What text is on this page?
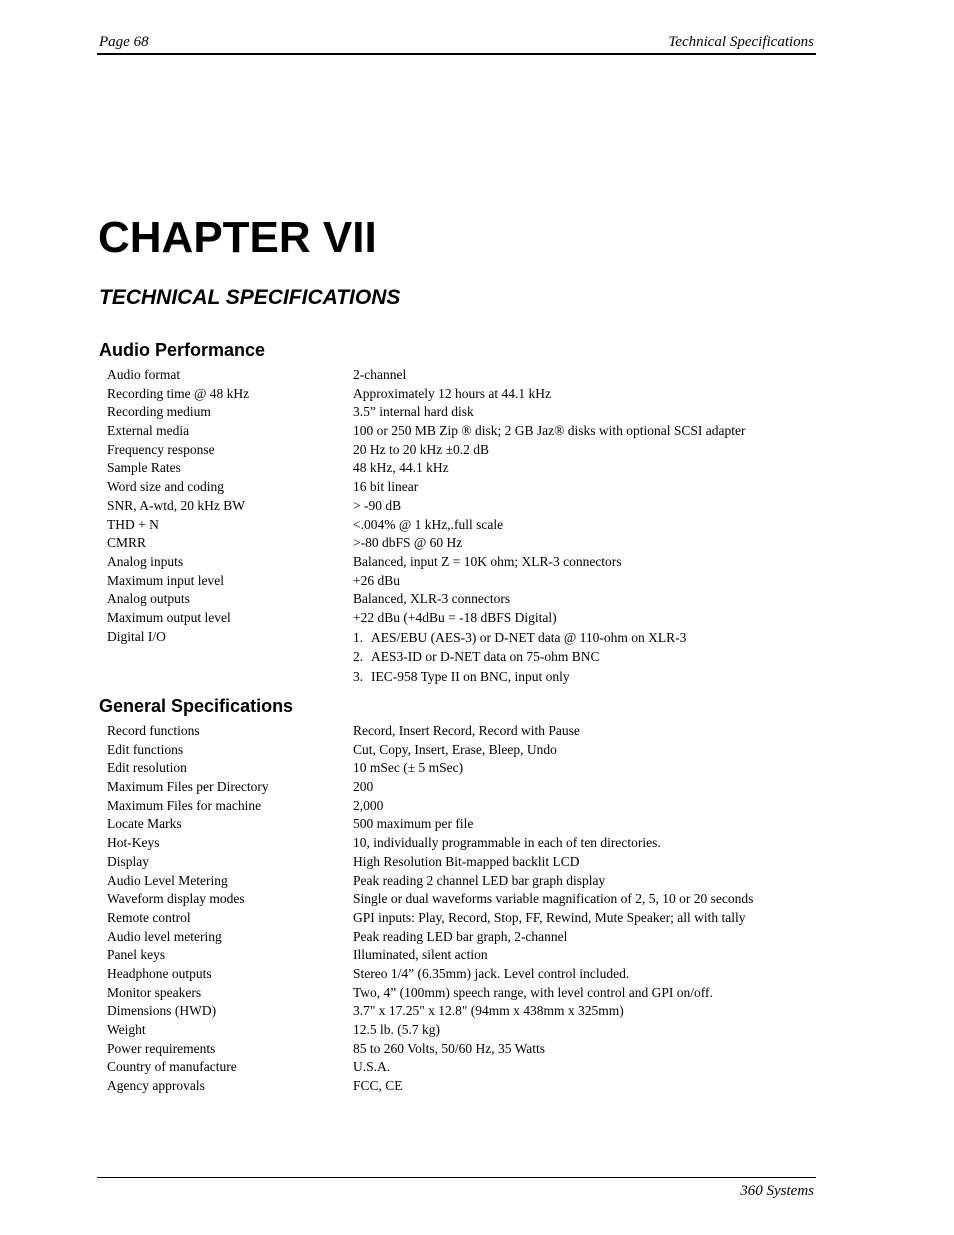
Page 68	Technical Specifications
CHAPTER VII
TECHNICAL SPECIFICATIONS
Audio Performance
Audio format	2-channel
Recording time @ 48 kHz	Approximately 12 hours at 44.1 kHz
Recording medium	3.5” internal hard disk
External media	100 or 250 MB Zip ® disk; 2 GB Jaz® disks with optional SCSI adapter
Frequency response	20 Hz to 20 kHz ±0.2 dB
Sample Rates	48 kHz, 44.1 kHz
Word size and coding	16 bit linear
SNR, A-wtd, 20 kHz BW	> -90 dB
THD + N	<.004% @ 1 kHz,.full scale
CMRR	>-80 dbFS @ 60 Hz
Analog inputs	Balanced, input Z = 10K ohm; XLR-3 connectors
Maximum input level	+26 dBu
Analog outputs	Balanced, XLR-3 connectors
Maximum output level	+22 dBu (+4dBu = -18 dBFS Digital)
Digital I/O	1. AES/EBU (AES-3) or D-NET data @ 110-ohm on XLR-3
2. AES3-ID or D-NET data on 75-ohm BNC
3. IEC-958 Type II on BNC, input only
General Specifications
Record functions	Record, Insert Record, Record with Pause
Edit functions	Cut, Copy, Insert, Erase, Bleep, Undo
Edit resolution	10 mSec (± 5 mSec)
Maximum Files per Directory	200
Maximum Files for machine	2,000
Locate Marks	500 maximum per file
Hot-Keys	10, individually programmable in each of ten directories.
Display	High Resolution Bit-mapped backlit LCD
Audio Level Metering	Peak reading 2 channel LED bar graph display
Waveform display modes	Single or dual waveforms variable magnification of 2, 5, 10 or 20 seconds
Remote control	GPI inputs: Play, Record, Stop, FF, Rewind, Mute Speaker; all with tally
Audio level metering	Peak reading LED bar graph, 2-channel
Panel keys	Illuminated, silent action
Headphone outputs	Stereo 1/4” (6.35mm) jack. Level control included.
Monitor speakers	Two, 4” (100mm) speech range, with level control and GPI on/off.
Dimensions (HWD)	3.7" x 17.25" x 12.8" (94mm x 438mm x 325mm)
Weight	12.5 lb. (5.7 kg)
Power requirements	85 to 260 Volts, 50/60 Hz, 35 Watts
Country of manufacture	U.S.A.
Agency approvals	FCC, CE
360 Systems
